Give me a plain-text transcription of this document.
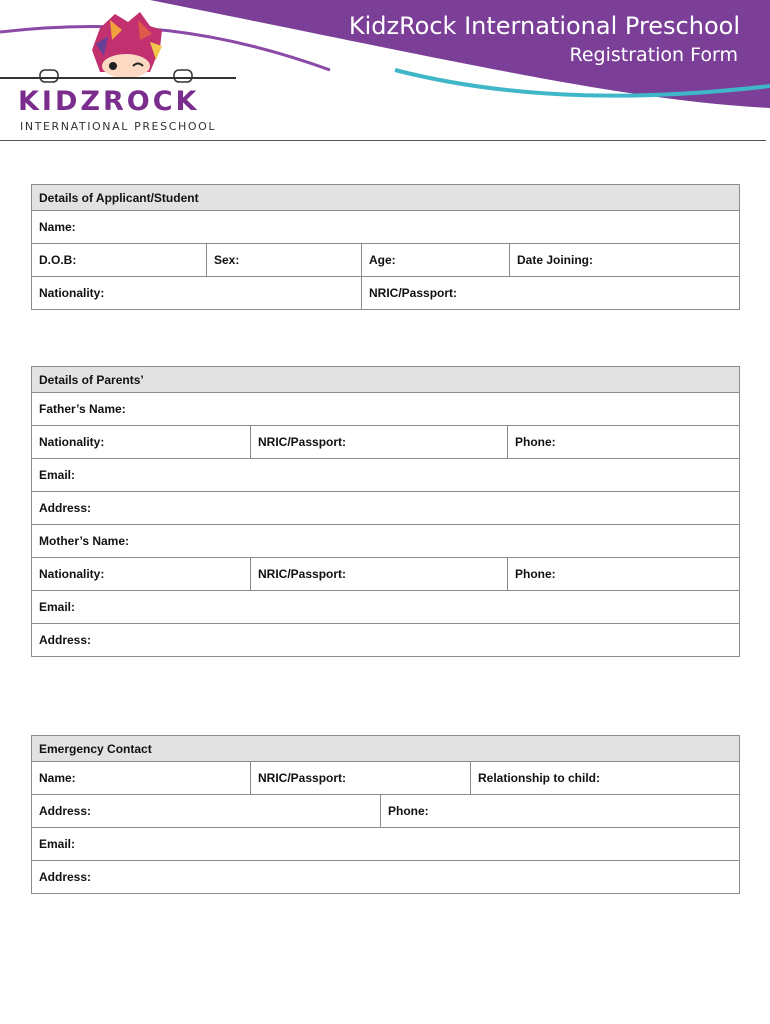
KidzRock International Preschool
Registration Form
KIDZROCK
INTERNATIONAL PRESCHOOL
Details of Applicant/Student			
Name:			
D.O.B:	Sex:	Age:	Date Joining:
Nationality:		NRIC/Passport:	
Details of Parents’		
Father’s Name:		
Nationality:	NRIC/Passport:	Phone:
Email:		
Address:		
Mother’s Name:		
Nationality:	NRIC/Passport:	Phone:
Email:		
Address:		
Emergency Contact			
Name:	NRIC/Passport:		Relationship to child:
Address:		Phone:	
Email:			
Address:			
